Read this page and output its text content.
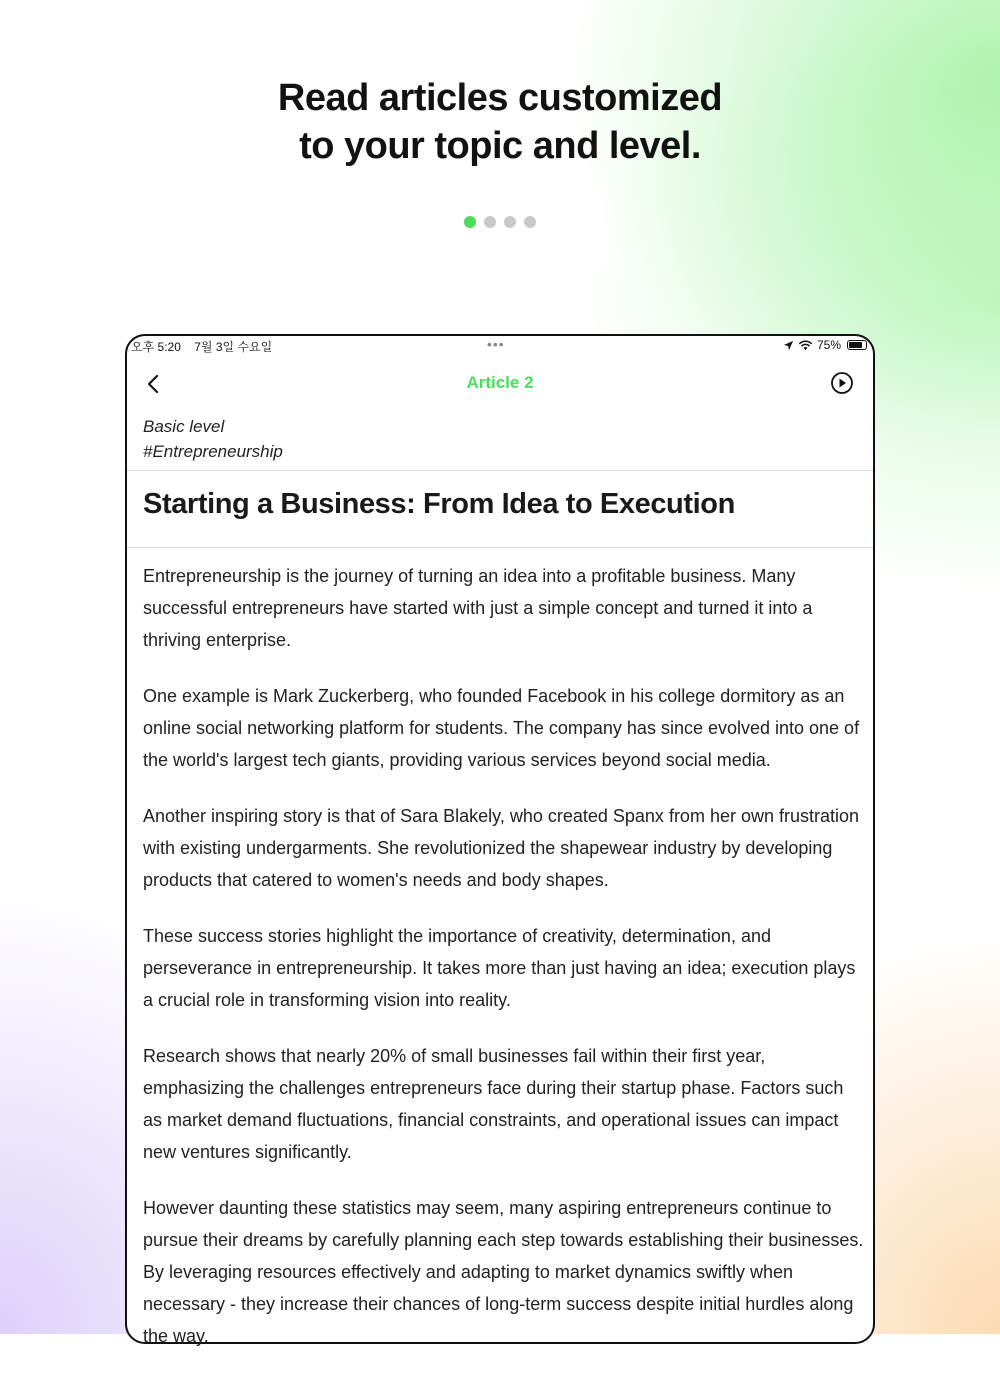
Read articles customized
to your topic and level.
오후 5:20 7월 3일 수요일	•••	75%
Article 2
Basic level
#Entrepreneurship
Starting a Business: From Idea to Execution

Entrepreneurship is the journey of turning an idea into a profitable business. Many successful entrepreneurs have started with just a simple concept and turned it into a thriving enterprise.

One example is Mark Zuckerberg, who founded Facebook in his college dormitory as an online social networking platform for students. The company has since evolved into one of the world's largest tech giants, providing various services beyond social media.

Another inspiring story is that of Sara Blakely, who created Spanx from her own frustration with existing undergarments. She revolutionized the shapewear industry by developing products that catered to women's needs and body shapes.

These success stories highlight the importance of creativity, determination, and perseverance in entrepreneurship. It takes more than just having an idea; execution plays a crucial role in transforming vision into reality.

Research shows that nearly 20% of small businesses fail within their first year, emphasizing the challenges entrepreneurs face during their startup phase. Factors such as market demand fluctuations, financial constraints, and operational issues can impact new ventures significantly.

However daunting these statistics may seem, many aspiring entrepreneurs continue to pursue their dreams by carefully planning each step towards establishing their businesses. By leveraging resources effectively and adapting to market dynamics swiftly when necessary - they increase their chances of long-term success despite initial hurdles along the way.
